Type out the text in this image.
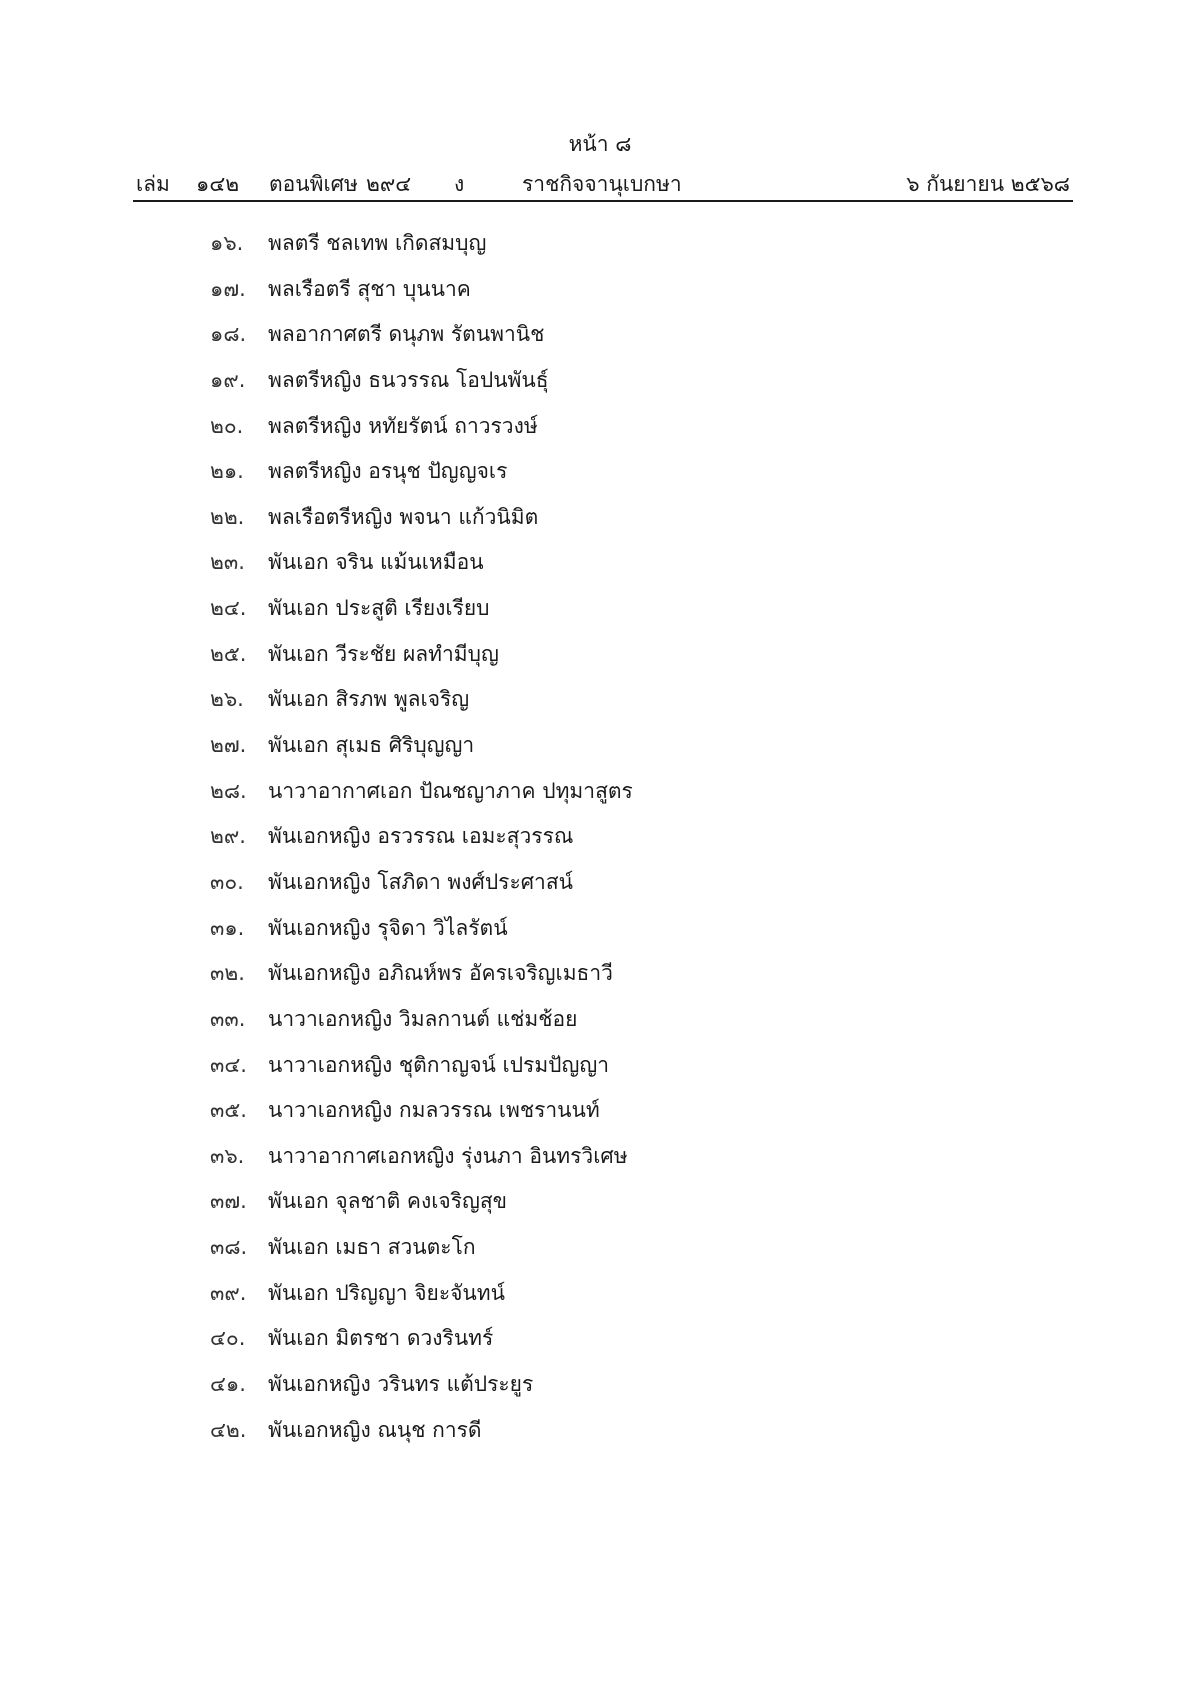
หน้า ๘
เล่ม ๑๔๒ ตอนพิเศษ ๒๙๔ ง	ราชกิจจานุเบกษา	๖ กันยายน ๒๕๖๘
๑๖.	พลตรี ชลเทพ เกิดสมบุญ
๑๗.	พลเรือตรี สุชา บุนนาค
๑๘.	พลอากาศตรี ดนุภพ รัตนพานิช
๑๙.	พลตรีหญิง ธนวรรณ โอปนพันธุ์
๒๐.	พลตรีหญิง หทัยรัตน์ ถาวรวงษ์
๒๑.	พลตรีหญิง อรนุช ปัญญจเร
๒๒.	พลเรือตรีหญิง พจนา แก้วนิมิต
๒๓.	พันเอก จริน แม้นเหมือน
๒๔.	พันเอก ประสูติ เรียงเรียบ
๒๕.	พันเอก วีระชัย ผลทำมีบุญ
๒๖.	พันเอก สิรภพ พูลเจริญ
๒๗.	พันเอก สุเมธ ศิริบุญญา
๒๘.	นาวาอากาศเอก ปัณชญาภาค ปทุมาสูตร
๒๙.	พันเอกหญิง อรวรรณ เอมะสุวรรณ
๓๐.	พันเอกหญิง โสภิดา พงศ์ประศาสน์
๓๑.	พันเอกหญิง รุจิดา วิไลรัตน์
๓๒.	พันเอกหญิง อภิณห์พร อัครเจริญเมธาวี
๓๓.	นาวาเอกหญิง วิมลกานต์ แช่มช้อย
๓๔.	นาวาเอกหญิง ชุติกาญจน์ เปรมปัญญา
๓๕.	นาวาเอกหญิง กมลวรรณ เพชรานนท์
๓๖.	นาวาอากาศเอกหญิง รุ่งนภา อินทรวิเศษ
๓๗.	พันเอก จุลชาติ คงเจริญสุข
๓๘. พันเอก เมธา สวนตะโก
๓๙.	พันเอก ปริญญา จิยะจันทน์
๔๐.	พันเอก มิตรชา ดวงรินทร์
๔๑.	พันเอกหญิง วรินทร แต้ประยูร
๔๒.	พันเอกหญิง ณนุช การดี
